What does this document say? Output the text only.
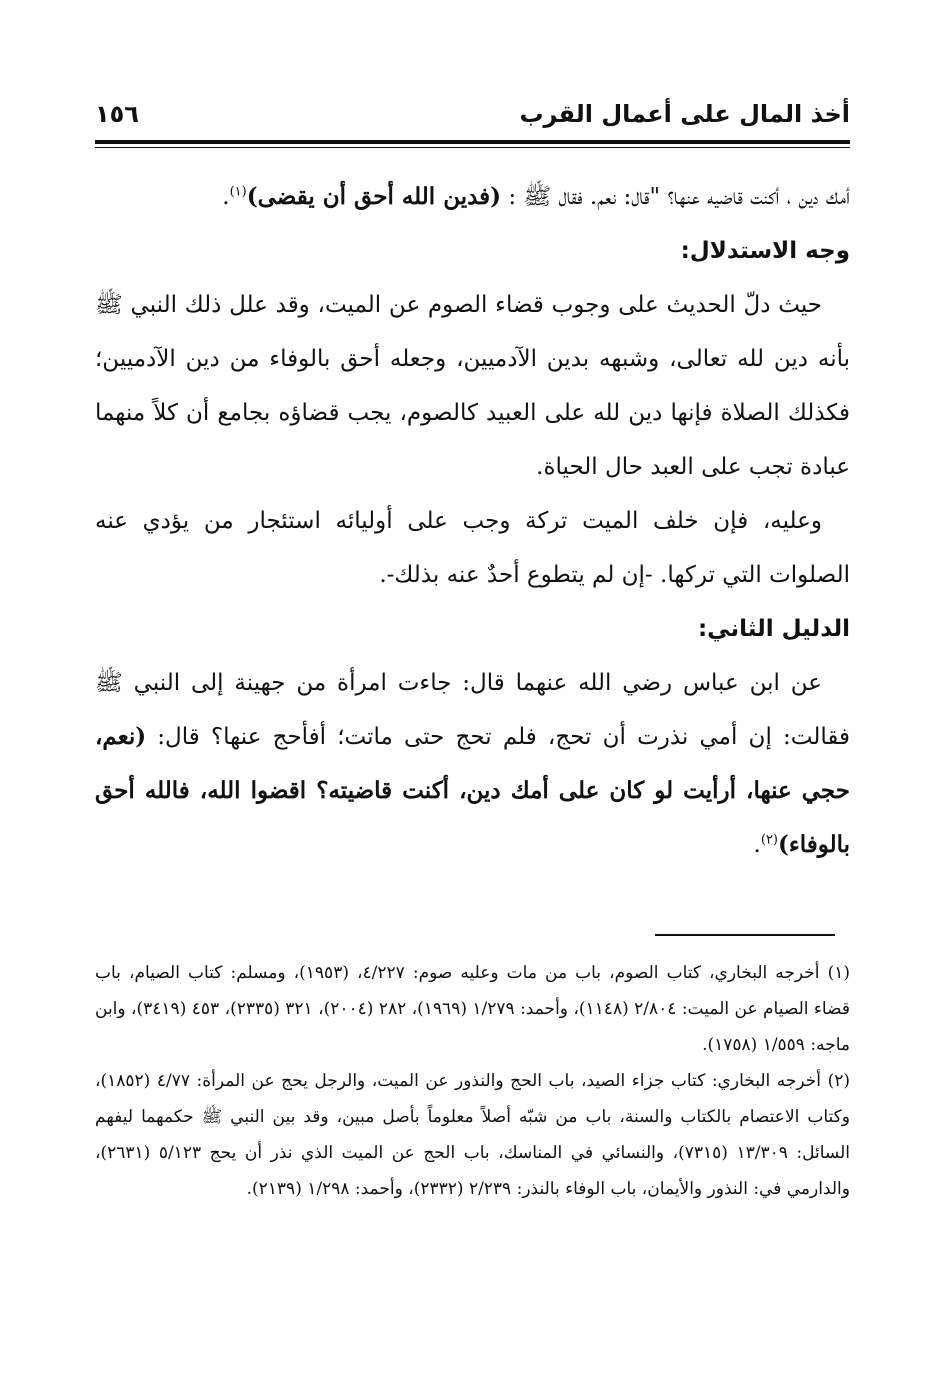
أخذ المال على أعمال القرب
١٥٦

أمك دين ، أكنت قاضيه عنها؟ "قال: نعم. فقال ﷺ : (فدين الله أحق أن يقضى)$^{(١)}$.

وجه الاستدلال:

حيث دلّ الحديث على وجوب قضاء الصوم عن الميت، وقد علل ذلك النبي ﷺ بأنه دين لله تعالى، وشبهه بدين الآدميين، وجعله أحق بالوفاء من دين الآدميين؛ فكذلك الصلاة فإنها دين لله على العبيد كالصوم، يجب قضاؤه بجامع أن كلاً منهما عبادة تجب على العبد حال الحياة.

وعليه، فإن خلف الميت تركة وجب على أوليائه استئجار من يؤدي عنه الصلوات التي تركها. -إن لم يتطوع أحدٌ عنه بذلك-.

الدليل الثاني:

عن ابن عباس رضي الله عنهما قال: جاءت امرأة من جهينة إلى النبي ﷺ فقالت: إن أمي نذرت أن تحج، فلم تحج حتى ماتت؛ أفأحج عنها؟ قال: (نعم، حجي عنها، أرأيت لو كان على أمك دين، أكنت قاضيته؟ اقضوا الله، فالله أحق بالوفاء)$^{(٢)}$.

(١) أخرجه البخاري، كتاب الصوم، باب من مات وعليه صوم: ٤/٢٢٧، (١٩٥٣)، ومسلم: كتاب الصيام، باب قضاء الصيام عن الميت: ٢/٨٠٤ (١١٤٨)، وأحمد: ١/٢٧٩ (١٩٦٩)، ٢٨٢ (٢٠٠٤)، ٣٢١ (٢٣٣٥)، ٤٥٣ (٣٤١٩)، وابن ماجه: ١/٥٥٩ (١٧٥٨).

(٢) أخرجه البخاري: كتاب جزاء الصيد، باب الحج والنذور عن الميت، والرجل يحج عن المرأة: ٤/٧٧ (١٨٥٢)، وكتاب الاعتصام بالكتاب والسنة، باب من شبّه أصلاً معلوماً بأصل مبين، وقد بين النبي ﷺ حكمهما ليفهم السائل: ١٣/٣٠٩ (٧٣١٥)، والنسائي في المناسك، باب الحج عن الميت الذي نذر أن يحج ٥/١٢٣ (٢٦٣١)، والدارمي في: النذور والأيمان، باب الوفاء بالنذر: ٢/٢٣٩ (٢٣٣٢)، وأحمد: ١/٢٩٨ (٢١٣٩).
